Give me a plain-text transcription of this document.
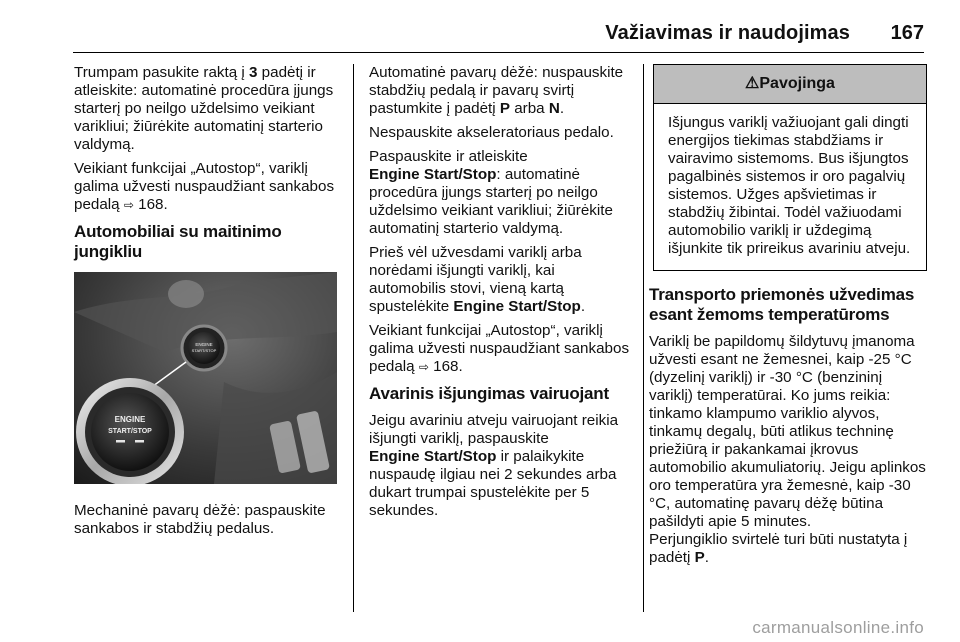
Važiavimas ir naudojimas 167

Trumpam pasukite raktą į 3 padėtį ir atleiskite: automatinė procedūra įjungs starterį po neilgo uždelsimo veikiant varikliui; žiūrėkite automatinį starterio valdymą.

Veikiant funkcijai „Autostop“, variklį galima užvesti nuspaudžiant sankabos pedalą ⇨ 168.

Automobiliai su maitinimo jungikliu
ENGINE
START/STOP
ENGINE
START/STOP

Mechaninė pavarų dėžė: paspauskite sankabos ir stabdžių pedalus.

Automatinė pavarų dėžė: nuspauskite stabdžių pedalą ir pavarų svirtį pastumkite į padėtį P arba N.

Nespauskite akseleratoriaus pedalo.

Paspauskite ir atleiskite
Engine Start/Stop: automatinė procedūra įjungs starterį po neilgo uždelsimo veikiant varikliui; žiūrėkite automatinį starterio valdymą.

Prieš vėl užvesdami variklį arba norėdami išjungti variklį, kai automobilis stovi, vieną kartą spustelėkite Engine Start/Stop.

Veikiant funkcijai „Autostop“, variklį galima užvesti nuspaudžiant sankabos pedalą ⇨ 168.

Avarinis išjungimas vairuojant

Jeigu avariniu atveju vairuojant reikia išjungti variklį, paspauskite
Engine Start/Stop ir palaikykite nuspaudę ilgiau nei 2 sekundes arba dukart trumpai spustelėkite per 5 sekundes.

⚠Pavojinga
Išjungus variklį važiuojant gali dingti energijos tiekimas stabdžiams ir vairavimo sistemoms. Bus išjungtos pagalbinės sistemos ir oro pagalvių sistemos. Užges apšvietimas ir stabdžių žibintai. Todėl važiuodami automobilio variklį ir uždegimą išjunkite tik prireikus avariniu atveju.
Transporto priemonės užvedimas esant žemoms temperatūroms

Variklį be papildomų šildytuvų įmanoma užvesti esant ne žemesnei, kaip -25 °C (dyzelinį variklį) ir -30 °C (benzininį variklį) temperatūrai. Ko jums reikia: tinkamo klampumo variklio alyvos, tinkamų degalų, būti atlikus techninę priežiūrą ir pakankamai įkrovus automobilio akumuliatorių. Jeigu aplinkos oro temperatūra yra žemesnė, kaip -30 °C, automatinę pavarų dėžę būtina pašildyti apie 5 minutes.

Perjungiklio svirtelė turi būti nustatyta į padėtį P.

carmanualsonline.info
